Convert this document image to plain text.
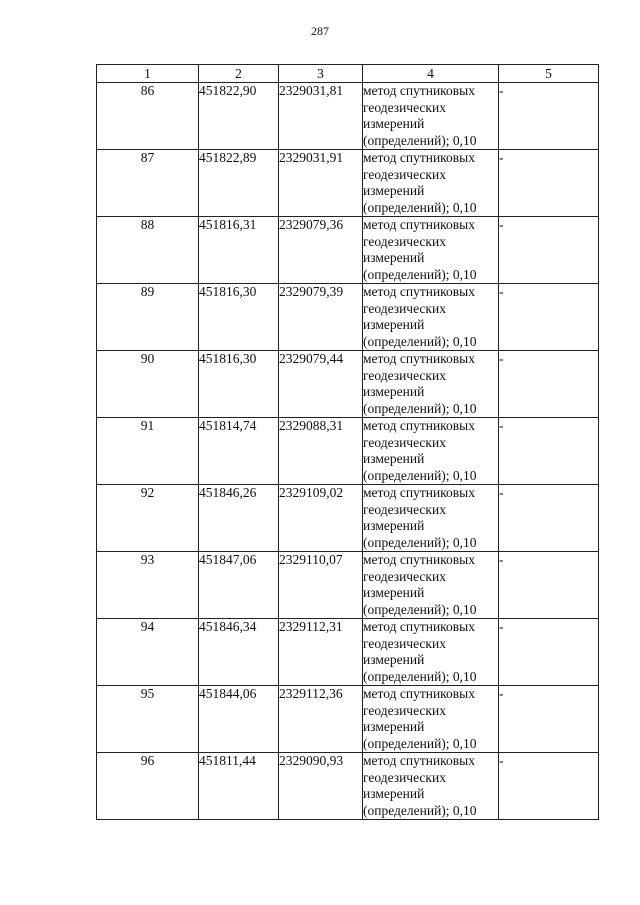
287
1	2	3	4	5
86	451822,90	2329031,81	метод спутниковых
геодезических
измерений
(определений); 0,10	-
87	451822,89	2329031,91	метод спутниковых
геодезических
измерений
(определений); 0,10	-
88	451816,31	2329079,36	метод спутниковых
геодезических
измерений
(определений); 0,10	-
89	451816,30	2329079,39	метод спутниковых
геодезических
измерений
(определений); 0,10	-
90	451816,30	2329079,44	метод спутниковых
геодезических
измерений
(определений); 0,10	-
91	451814,74	2329088,31	метод спутниковых
геодезических
измерений
(определений); 0,10	-
92	451846,26	2329109,02	метод спутниковых
геодезических
измерений
(определений); 0,10	-
93	451847,06	2329110,07	метод спутниковых
геодезических
измерений
(определений); 0,10	-
94	451846,34	2329112,31	метод спутниковых
геодезических
измерений
(определений); 0,10	-
95	451844,06	2329112,36	метод спутниковых
геодезических
измерений
(определений); 0,10	-
96	451811,44	2329090,93	метод спутниковых
геодезических
измерений
(определений); 0,10	-
